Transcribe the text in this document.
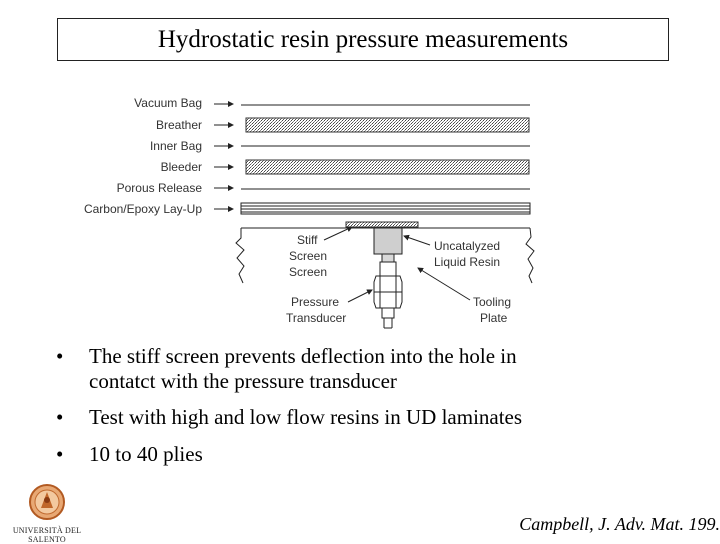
Hydrostatic resin pressure measurements
Vacuum Bag
Breather
Inner Bag
Bleeder
Porous Release
Carbon/Epoxy Lay-Up
Stiff
Screen
Screen
Uncatalyzed
Liquid Resin
Pressure
Transducer
Tooling
Plate
• The stiff screen prevents deflection into the hole in
contatct with the pressure transducer
• Test with high and low flow resins in UD laminates
• 10 to 40 plies
UNIVERSITÀ DEL SALENTO
Campbell, J. Adv. Mat. 199.
